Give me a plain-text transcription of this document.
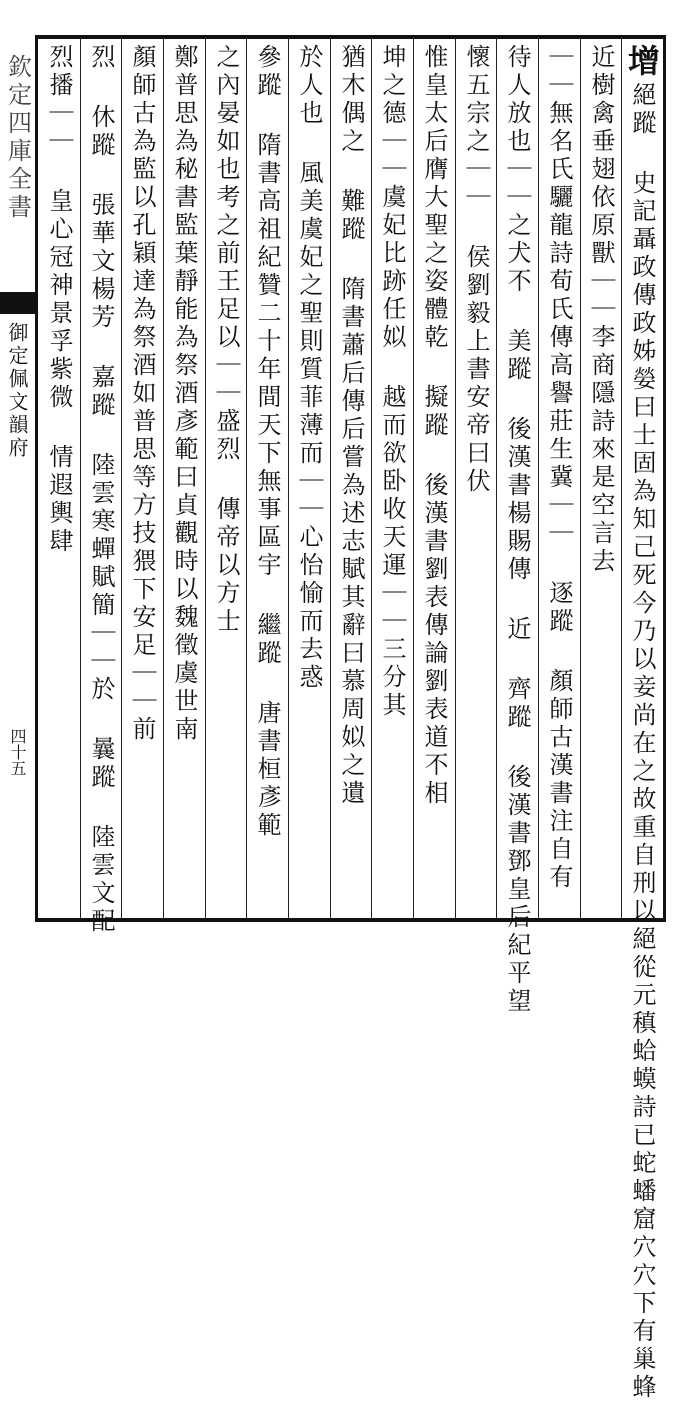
欽定四庫全書
御定佩文韻府
四十五
增絕蹤 史記聶政傳政姊嫈曰士固為知己死今乃以妾尚在之故重自刑以絕從元稹蛤蟆詩已蛇蟠窟穴穴下有巢蜂
近樹禽垂翅依原獸｜｜李商隱詩來是空言去
｜｜無名氏驪龍詩荀氏傳高譽莊生冀｜｜ 逐蹤 顏師古漢書注自有
待人放也｜｜之犬不 美蹤 後漢書楊賜傳 近 齊蹤 後漢書鄧皇后紀平望
懷五宗之｜｜ 侯劉毅上書安帝曰伏
惟皇太后膺大聖之姿體乾 擬蹤 後漢書劉表傳論劉表道不相
坤之德｜｜虞妃比跡任姒 越而欲卧收天運｜｜三分其
猶木偶之 難蹤 隋書蕭后傳后嘗為述志賦其辭曰慕周姒之遺
於人也 風美虞妃之聖則質菲薄而｜｜心怡愉而去惑
參蹤 隋書高祖紀贊二十年間天下無事區宇 繼蹤 唐書桓彥範
之內晏如也考之前王足以｜｜盛烈 傳帝以方士
鄭普思為秘書監葉靜能為祭酒彥範曰貞觀時以魏徵虞世南
顏師古為監以孔穎達為祭酒如普思等方技猥下安足｜｜前
烈 休蹤 張華文楊芳 嘉蹤 陸雲寒蟬賦簡｜｜於 曩蹤 陸雲文配
烈播｜｜ 皇心冠神景孚紫微 情遐輿肆
